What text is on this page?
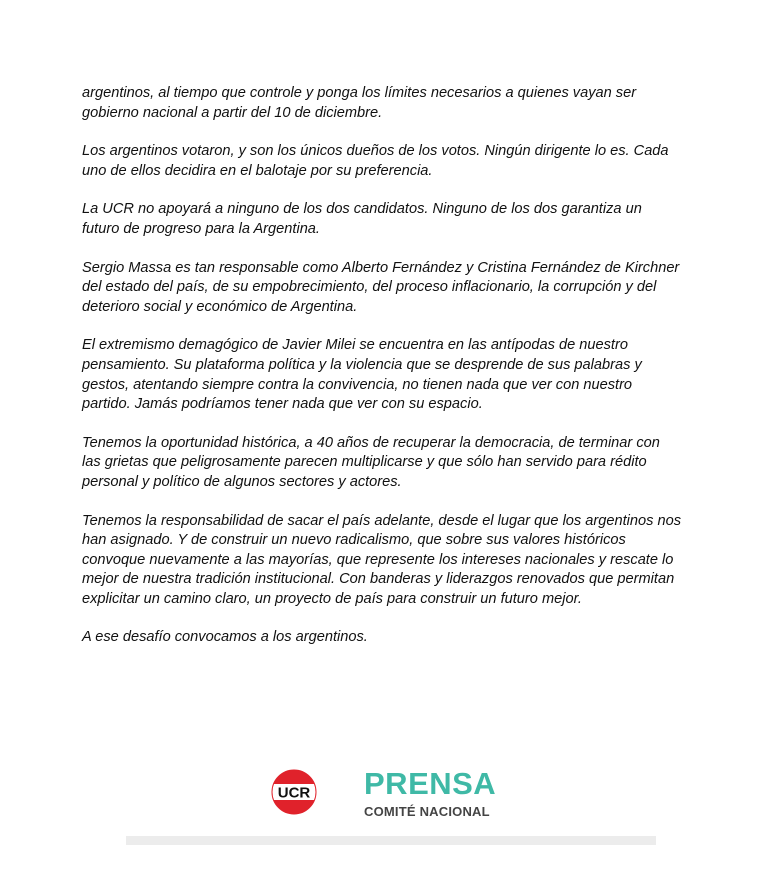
argentinos, al tiempo que controle y ponga los límites necesarios a quienes vayan ser
gobierno nacional a partir del 10 de diciembre.

Los argentinos votaron, y son los únicos dueños de los votos. Ningún dirigente lo es. Cada
uno de ellos decidira en el balotaje por su preferencia.

La UCR no apoyará a ninguno de los dos candidatos. Ninguno de los dos garantiza un
futuro de progreso para la Argentina.

Sergio Massa es tan responsable como Alberto Fernández y Cristina Fernández de Kirchner
del estado del país, de su empobrecimiento, del proceso inflacionario, la corrupción y del
deterioro social y económico de Argentina.

El extremismo demagógico de Javier Milei se encuentra en las antípodas de nuestro
pensamiento. Su plataforma política y la violencia que se desprende de sus palabras y
gestos, atentando siempre contra la convivencia, no tienen nada que ver con nuestro
partido. Jamás podríamos tener nada que ver con su espacio.

Tenemos la oportunidad histórica, a 40 años de recuperar la democracia, de terminar con
las grietas que peligrosamente parecen multiplicarse y que sólo han servido para rédito
personal y político de algunos sectores y actores.

Tenemos la responsabilidad de sacar el país adelante, desde el lugar que los argentinos nos
han asignado. Y de construir un nuevo radicalismo, que sobre sus valores históricos
convoque nuevamente a las mayorías, que represente los intereses nacionales y rescate lo
mejor de nuestra tradición institucional. Con banderas y liderazgos renovados que permitan
explicitar un camino claro, un proyecto de país para construir un futuro mejor.

A ese desafío convocamos a los argentinos.

UCR PRENSA
COMITÉ NACIONAL
